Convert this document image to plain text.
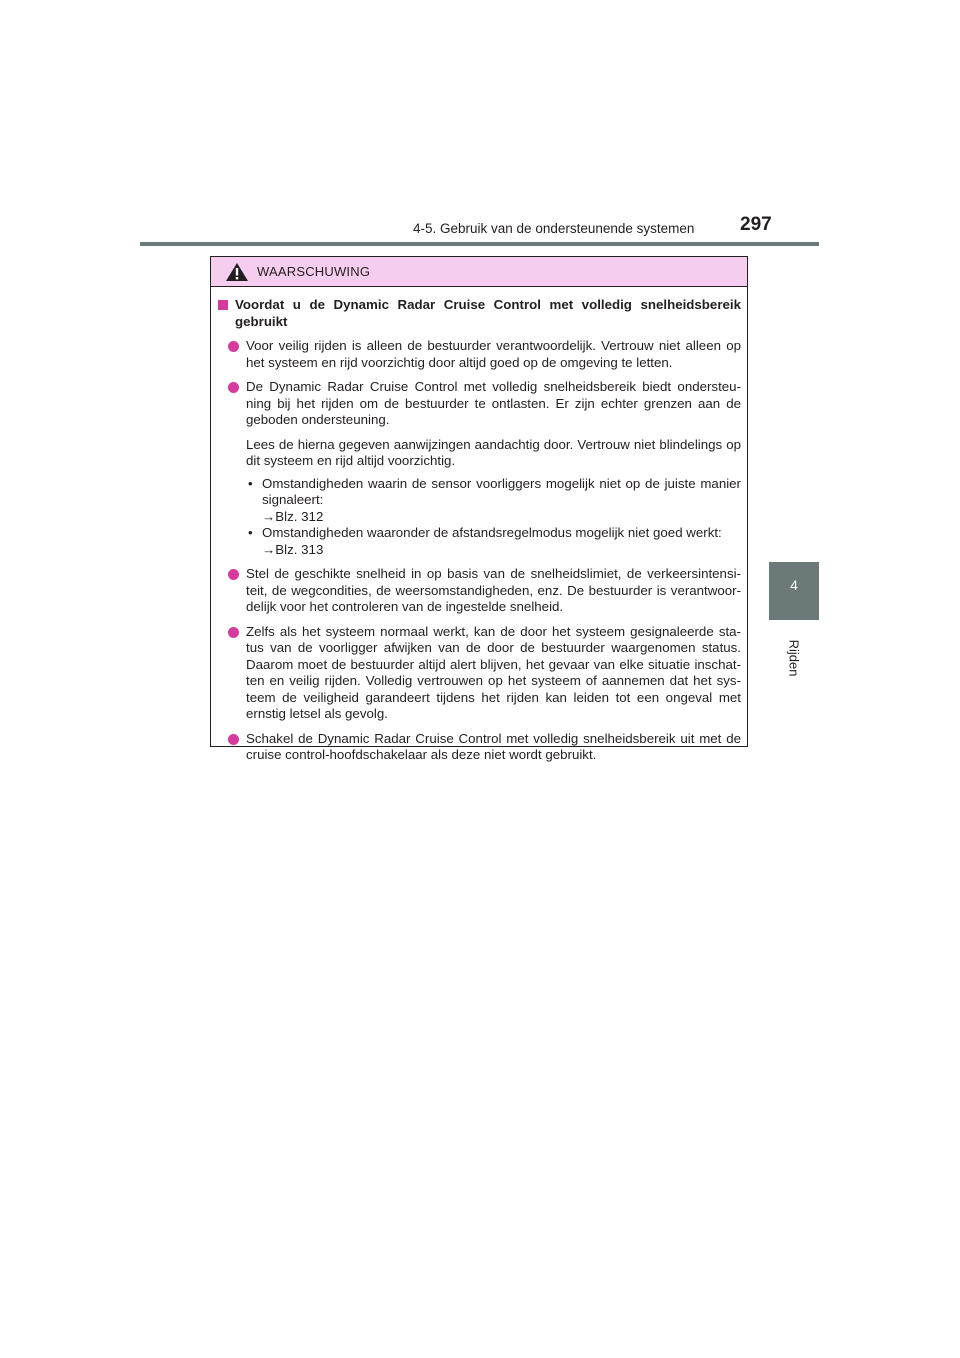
4-5. Gebruik van de ondersteunende systemen 297
4
Rijden
WAARSCHUWING
Voordat u de Dynamic Radar Cruise Control met volledig snelheidsbereik gebruikt

Voor veilig rijden is alleen de bestuurder verantwoordelijk. Vertrouw niet alleen op het systeem en rijd voorzichtig door altijd goed op de omgeving te letten.

De Dynamic Radar Cruise Control met volledig snelheidsbereik biedt ondersteu-ning bij het rijden om de bestuurder te ontlasten. Er zijn echter grenzen aan de geboden ondersteuning.

Lees de hierna gegeven aanwijzingen aandachtig door. Vertrouw niet blindelings op dit systeem en rijd altijd voorzichtig.

• Omstandigheden waarin de sensor voorliggers mogelijk niet op de juiste manier signaleert:
→Blz. 312
• Omstandigheden waaronder de afstandsregelmodus mogelijk niet goed werkt:
→Blz. 313

Stel de geschikte snelheid in op basis van de snelheidslimiet, de verkeersintensi-teit, de wegcondities, de weersomstandigheden, enz. De bestuurder is verantwoor-delijk voor het controleren van de ingestelde snelheid.

Zelfs als het systeem normaal werkt, kan de door het systeem gesignaleerde sta-tus van de voorligger afwijken van de door de bestuurder waargenomen status. Daarom moet de bestuurder altijd alert blijven, het gevaar van elke situatie inschat-ten en veilig rijden. Volledig vertrouwen op het systeem of aannemen dat het sys-teem de veiligheid garandeert tijdens het rijden kan leiden tot een ongeval met ernstig letsel als gevolg.

Schakel de Dynamic Radar Cruise Control met volledig snelheidsbereik uit met de cruise control-hoofdschakelaar als deze niet wordt gebruikt.
